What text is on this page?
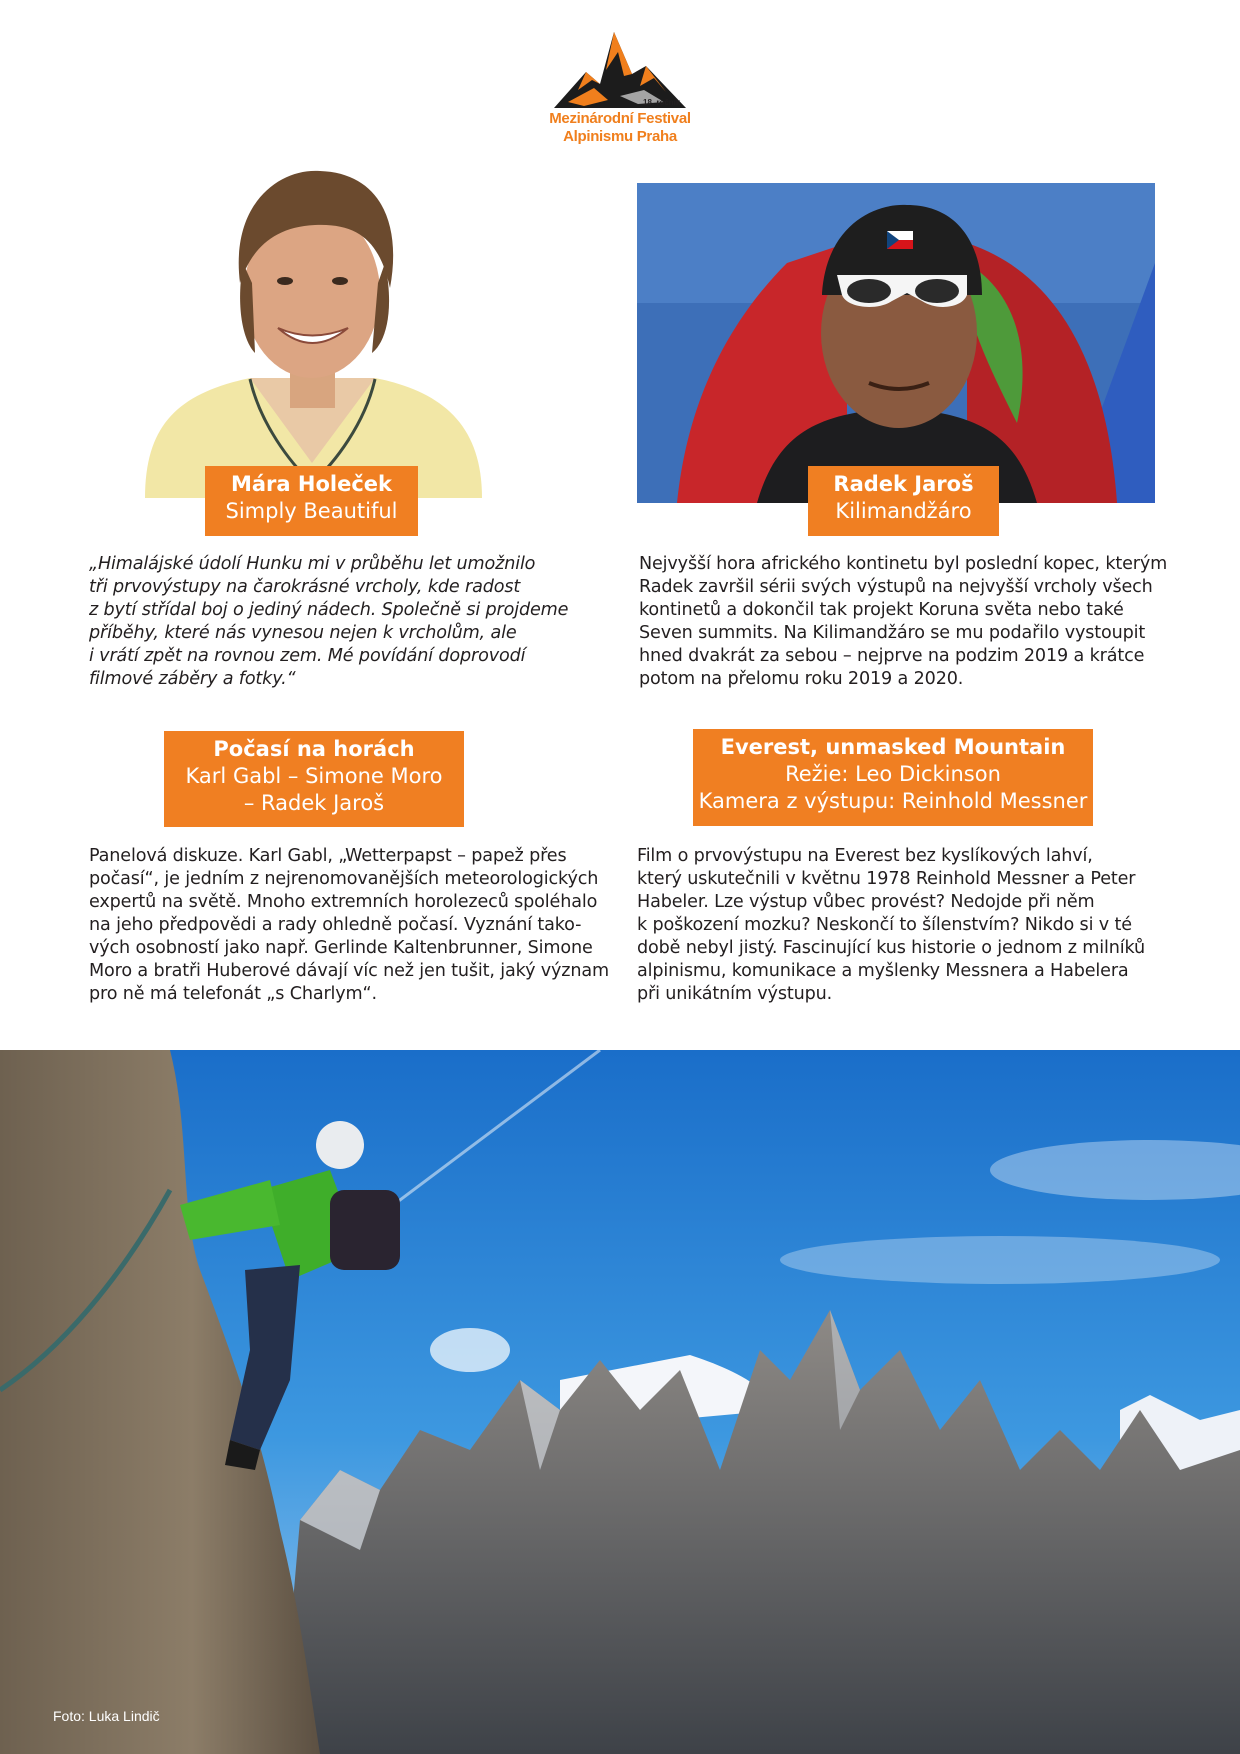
18. ročník
Mezinárodní Festival
Alpinismu Praha
Mára Holeček
Simply Beautiful
Radek Jaroš
Kilimandžáro
„Himalájské údolí Hunku mi v průběhu let umožnilo
tři prvovýstupy na čarokrásné vrcholy, kde radost
z bytí střídal boj o jediný nádech. Společně si projdeme
příběhy, které nás vynesou nejen k vrcholům, ale
i vrátí zpět na rovnou zem. Mé povídání doprovodí
filmové záběry a fotky.“
Nejvyšší hora afrického kontinetu byl poslední kopec, kterým
Radek završil sérii svých výstupů na nejvyšší vrcholy všech
kontinetů a dokončil tak projekt Koruna světa nebo také
Seven summits. Na Kilimandžáro se mu podařilo vystoupit
hned dvakrát za sebou – nejprve na podzim 2019 a krátce
potom na přelomu roku 2019 a 2020.
Počasí na horách
Karl Gabl – Simone Moro
– Radek Jaroš
Everest, unmasked Mountain
Režie: Leo Dickinson
Kamera z výstupu: Reinhold Messner
Panelová diskuze. Karl Gabl, „Wetterpapst – papež přes
počasí“, je jedním z nejrenomovanějších meteorologických
expertů na světě. Mnoho extremních horolezeců spoléhalo
na jeho předpovědi a rady ohledně počasí. Vyznání tako-
vých osobností jako např. Gerlinde Kaltenbrunner, Simone
Moro a bratři Huberové dávají víc než jen tušit, jaký význam
pro ně má telefonát „s Charlym“.
Film o prvovýstupu na Everest bez kyslíkových lahví,
který uskutečnili v květnu 1978 Reinhold Messner a Peter
Habeler. Lze výstup vůbec provést? Nedojde při něm
k poškození mozku? Neskončí to šílenstvím? Nikdo si v té
době nebyl jistý. Fascinující kus historie o jednom z milníků
alpinismu, komunikace a myšlenky Messnera a Habelera
při unikátním výstupu.
Foto: Luka Lindič
